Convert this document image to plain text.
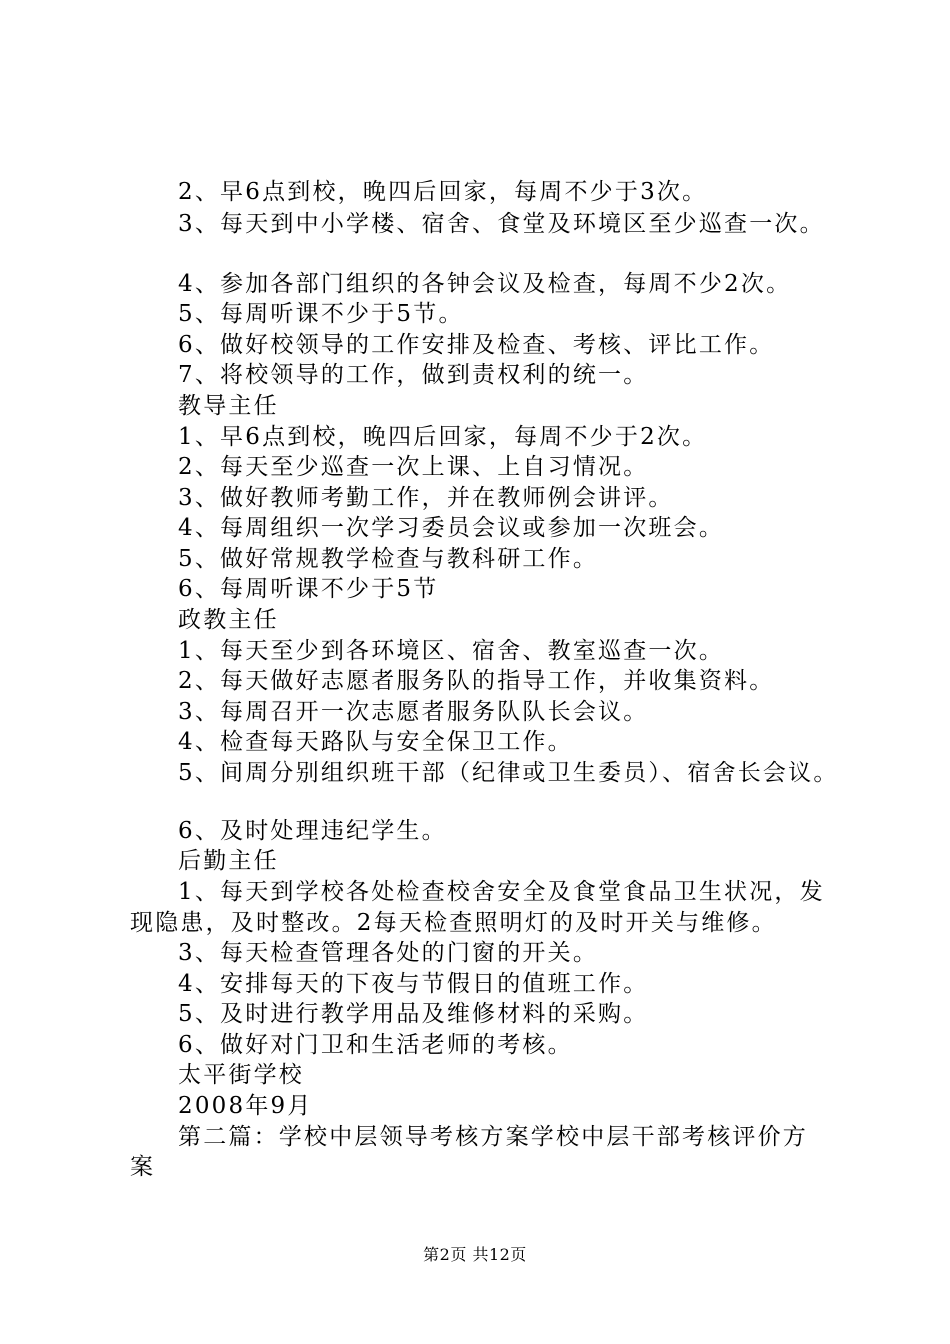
2、早6点到校，晚四后回家，每周不少于3次。

3、每天到中小学楼、宿舍、食堂及环境区至少巡查一次。

4、参加各部门组织的各钟会议及检查，每周不少2次。

5、每周听课不少于5节。

6、做好校领导的工作安排及检查、考核、评比工作。

7、将校领导的工作，做到责权利的统一。

教导主任

1、早6点到校，晚四后回家，每周不少于2次。

2、每天至少巡查一次上课、上自习情况。

3、做好教师考勤工作，并在教师例会讲评。

4、每周组织一次学习委员会议或参加一次班会。

5、做好常规教学检查与教科研工作。

6、每周听课不少于5节

政教主任

1、每天至少到各环境区、宿舍、教室巡查一次。

2、每天做好志愿者服务队的指导工作，并收集资料。

3、每周召开一次志愿者服务队队长会议。

4、检查每天路队与安全保卫工作。

5、间周分别组织班干部（纪律或卫生委员）、宿舍长会议。

6、及时处理违纪学生。

后勤主任

1、每天到学校各处检查校舍安全及食堂食品卫生状况，发

现隐患，及时整改。2每天检查照明灯的及时开关与维修。

3、每天检查管理各处的门窗的开关。

4、安排每天的下夜与节假日的值班工作。

5、及时进行教学用品及维修材料的采购。

6、做好对门卫和生活老师的考核。

太平街学校

2008年9月

第二篇：学校中层领导考核方案学校中层干部考核评价方

案

第2页 共12页
